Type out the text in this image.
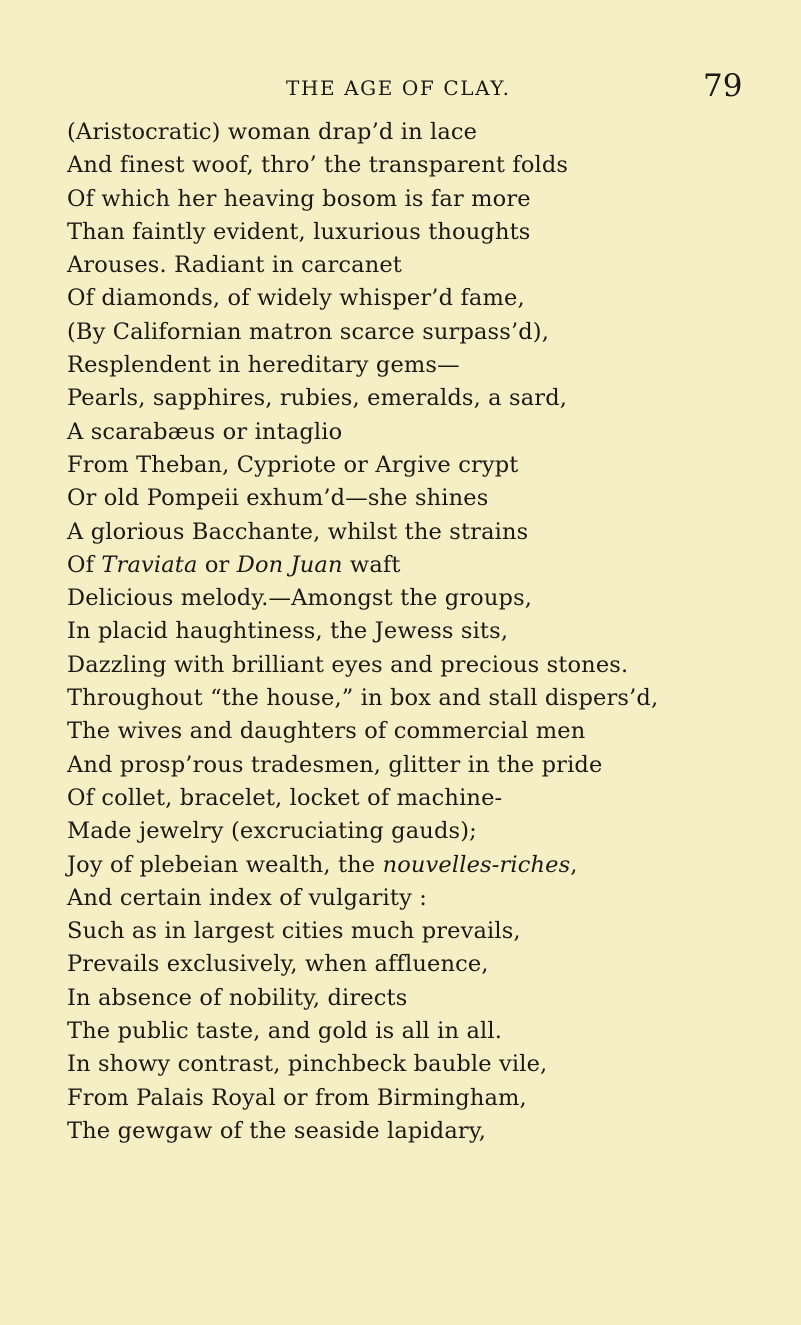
THE AGE OF CLAY.	79
(Aristocratic) woman drap’d in lace
And finest woof, thro’ the transparent folds
Of which her heaving bosom is far more
Than faintly evident, luxurious thoughts
Arouses. Radiant in carcanet
Of diamonds, of widely whisper’d fame,
(By Californian matron scarce surpass’d),
Resplendent in hereditary gems—
Pearls, sapphires, rubies, emeralds, a sard,
A scarabæus or intaglio
From Theban, Cypriote or Argive crypt
Or old Pompeii exhum’d—she shines
A glorious Bacchante, whilst the strains
Of Traviata or Don Juan waft
Delicious melody.—Amongst the groups,
In placid haughtiness, the Jewess sits,
Dazzling with brilliant eyes and precious stones.
Throughout “the house,” in box and stall dispers’d,
The wives and daughters of commercial men
And prosp’rous tradesmen, glitter in the pride
Of collet, bracelet, locket of machine-
Made jewelry (excruciating gauds);
Joy of plebeian wealth, the nouvelles-riches,
And certain index of vulgarity :
Such as in largest cities much prevails,
Prevails exclusively, when affluence,
In absence of nobility, directs
The public taste, and gold is all in all.
In showy contrast, pinchbeck bauble vile,
From Palais Royal or from Birmingham,
The gewgaw of the seaside lapidary,
